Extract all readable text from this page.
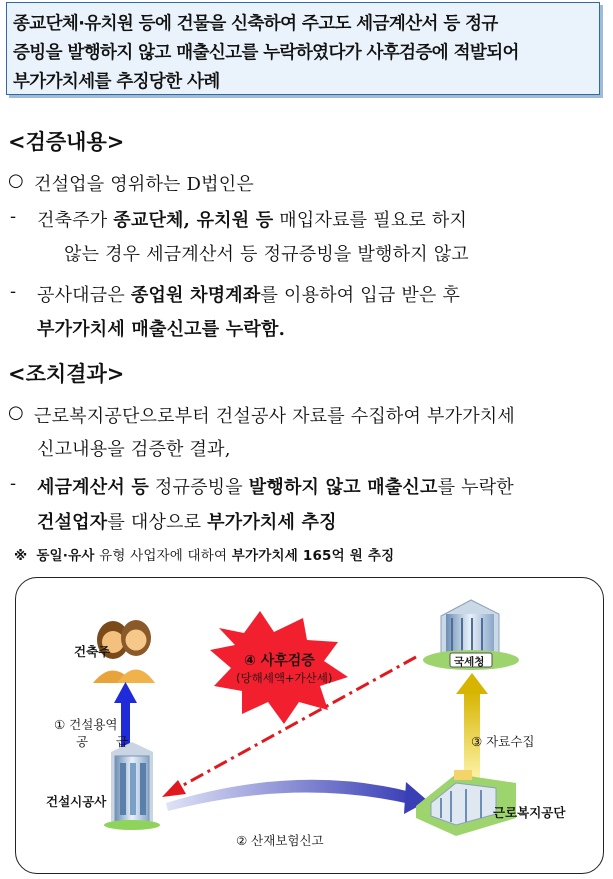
종교단체·유치원 등에 건물을 신축하여 주고도 세금계산서 등 정규
증빙을 발행하지 않고 매출신고를 누락하였다가 사후검증에 적발되어
부가가치세를 추징당한 사례
<검증내용>
○ 건설업을 영위하는 D법인은
- 건축주가 종교단체, 유치원 등 매입자료를 필요로 하지
않는 경우 세금계산서 등 정규증빙을 발행하지 않고
- 공사대금은 종업원 차명계좌를 이용하여 입금 받은 후
부가가치세 매출신고를 누락함.
<조치결과>
○ 근로복지공단으로부터 건설공사 자료를 수집하여 부가가치세
신고내용을 검증한 결과,
- 세금계산서 등 정규증빙을 발행하지 않고 매출신고를 누락한
건설업자를 대상으로 부가가치세 추징
※ 동일·유사 유형 사업자에 대하여 부가가치세 165억 원 추징
건축주
건설시공사
국세청
근로복지공단
① 건설용역
공       급
② 산재보험신고
③ 자료수집
④ 사후검증
(당해세액+가산세)
